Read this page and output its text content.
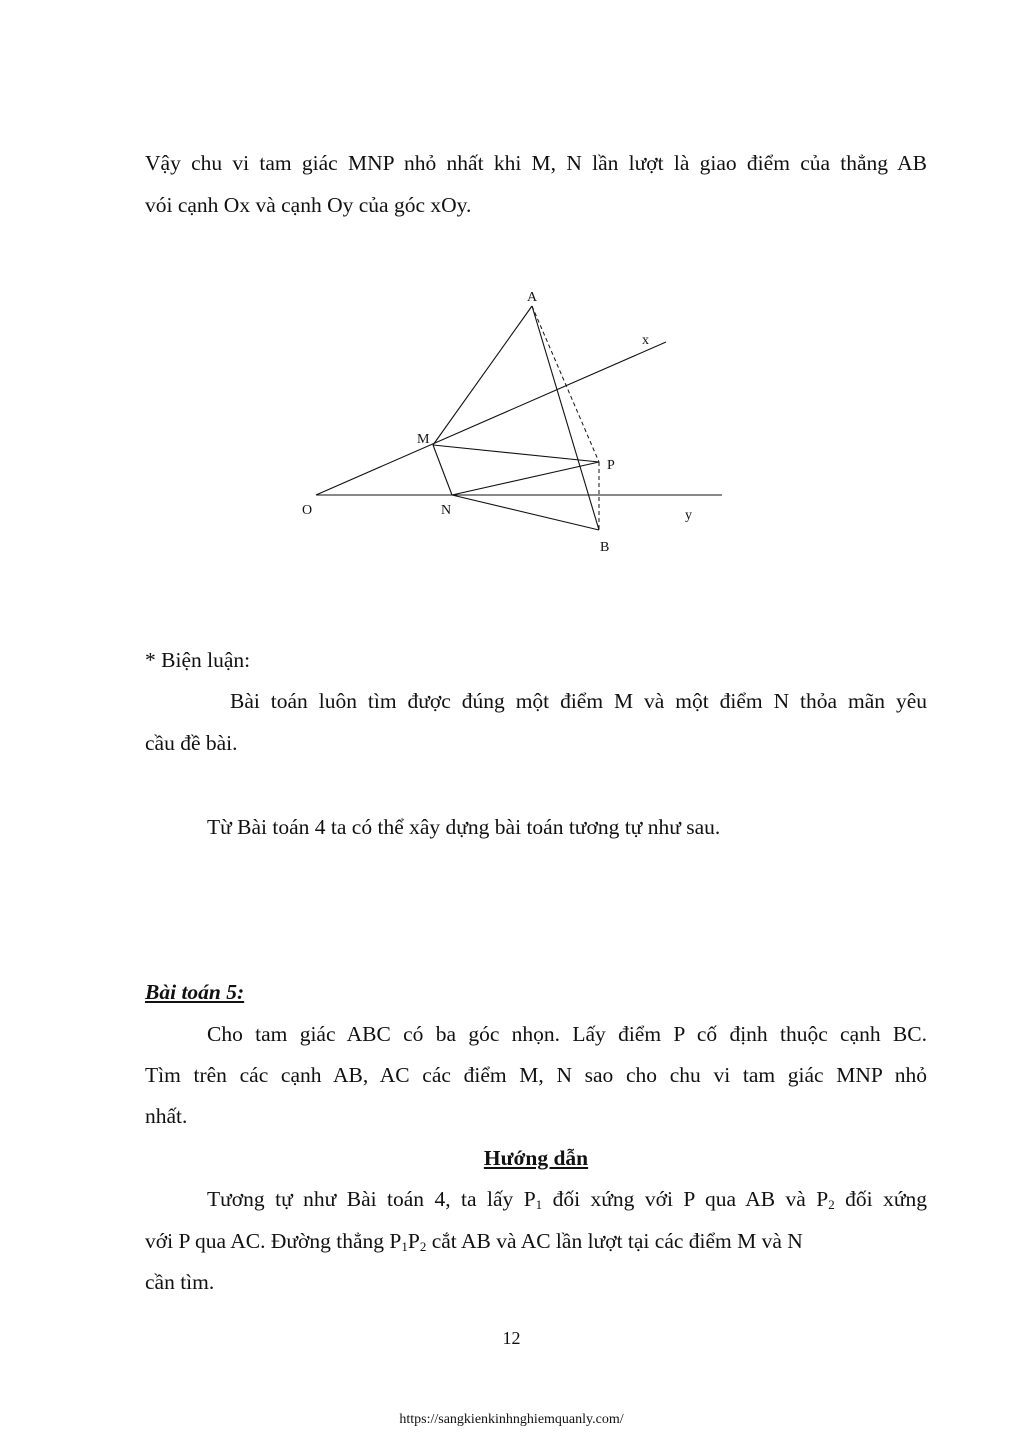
Vậy chu vi tam giác MNP nhỏ nhất khi M, N lần lượt là giao điểm của thẳng AB

vói cạnh Ox và cạnh Oy của góc xOy.

A
x
M
P
O	N	y
B

* Biện luận:

Bài toán luôn tìm được đúng một điểm M và một điểm N thỏa mãn yêu

cầu đề bài.

Từ Bài toán 4 ta có thể xây dựng bài toán tương tự như sau.

Bài toán 5:

Cho tam giác ABC có ba góc nhọn. Lấy điểm P cố định thuộc cạnh BC.

Tìm trên các cạnh AB, AC các điểm M, N sao cho chu vi tam giác MNP nhỏ

nhất.

Hướng dẫn

Tương tự như Bài toán 4, ta lấy $P_1$ đối xứng với P qua AB và $P_2$ đối xứng

với P qua AC. Đường thẳng $P_1P_2$ cắt AB và AC lần lượt tại các điểm M và N

cần tìm.

12
https://sangkienkinhnghiemquanly.com/
